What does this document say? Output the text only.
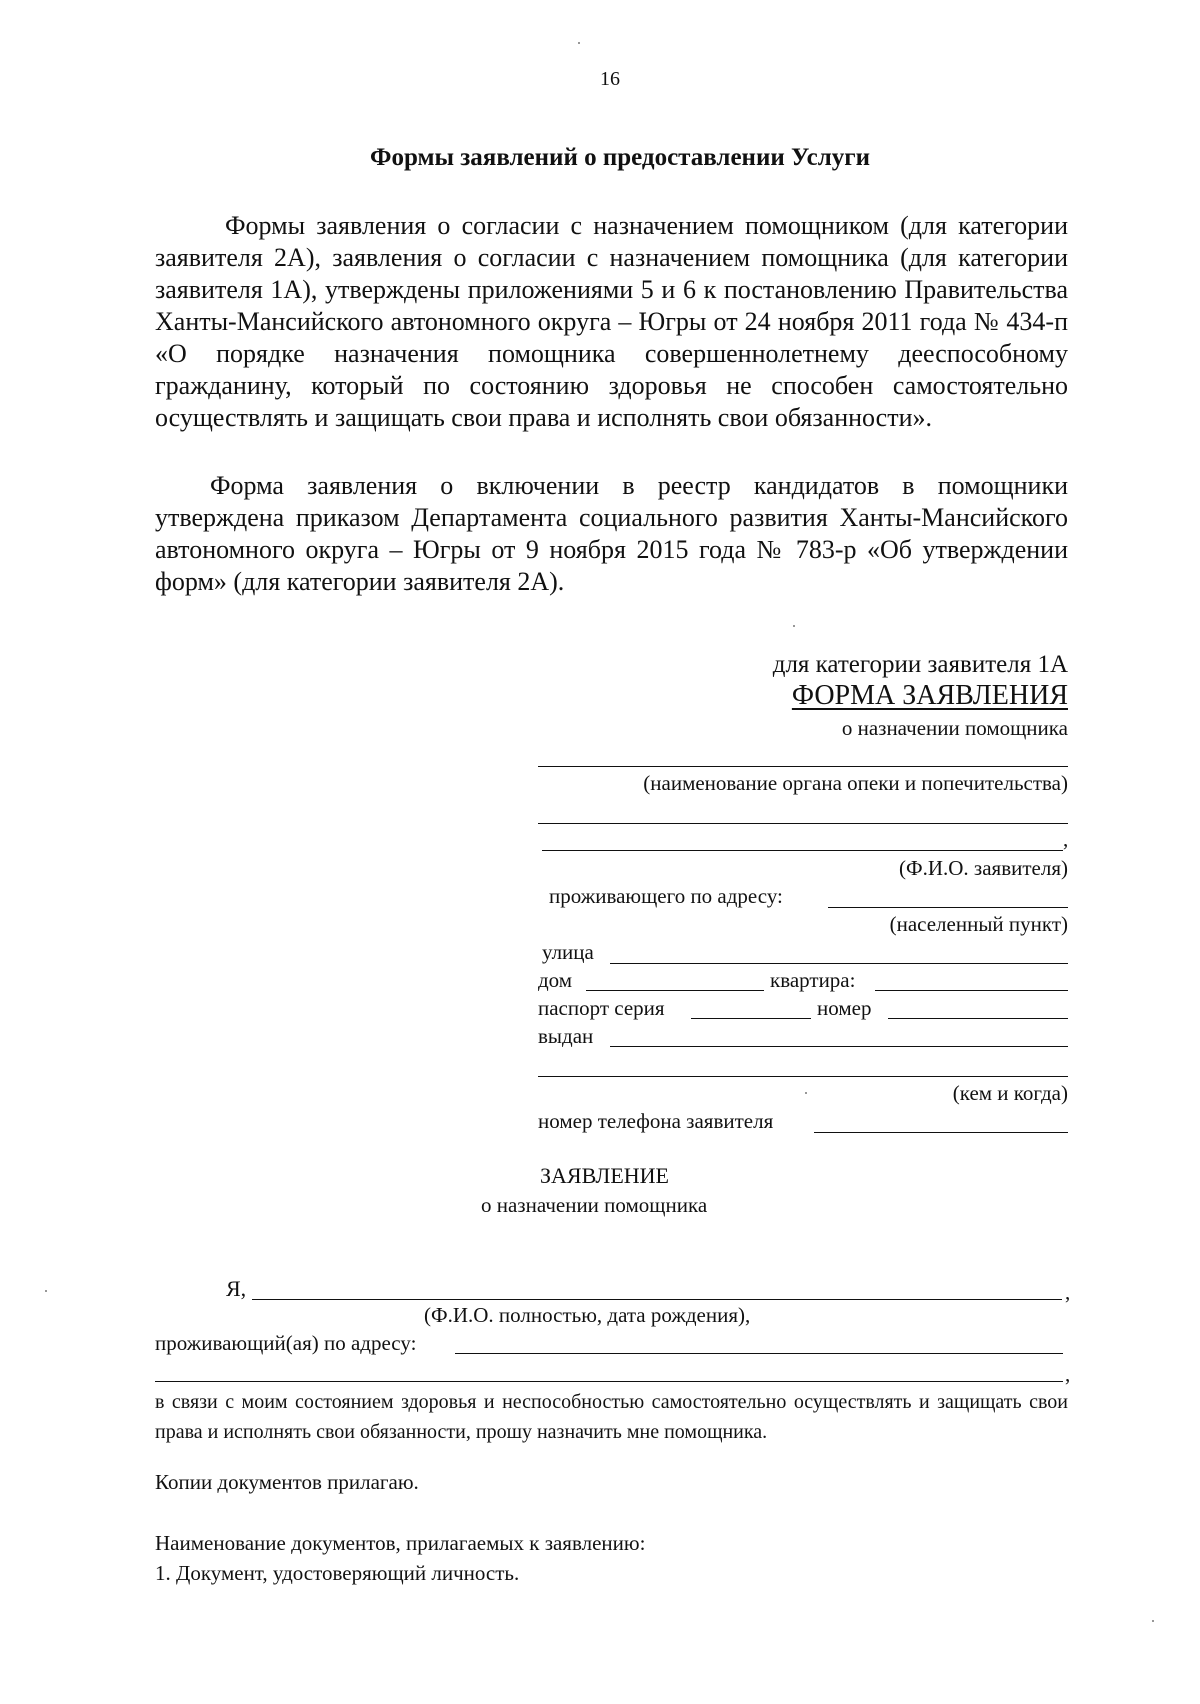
16
Формы заявлений о предоставлении Услуги
Формы заявления о согласии с назначением помощником (для категории заявителя 2А), заявления о согласии с назначением помощника (для категории заявителя 1А), утверждены приложениями 5 и 6 к постановлению Правительства Ханты-Мансийского автономного округа – Югры от 24 ноября 2011 года № 434-п «О порядке назначения помощника совершеннолетнему дееспособному гражданину, который по состоянию здоровья не способен самостоятельно осуществлять и защищать свои права и исполнять свои обязанности».
Форма заявления о включении в реестр кандидатов в помощники утверждена приказом Департамента социального развития Ханты-Мансийского автономного округа – Югры от 9 ноября 2015 года № 783-р «Об утверждении форм» (для категории заявителя 2А).
для категории заявителя 1А
ФОРМА ЗАЯВЛЕНИЯ
о назначении помощника
(наименование органа опеки и попечительства)
,
(Ф.И.О. заявителя)
проживающего по адресу:
(населенный пункт)
улица
дом	квартира:
паспорт серия	номер
выдан
(кем и когда)
номер телефона заявителя
ЗАЯВЛЕНИЕ
о назначении помощника
Я,	,
(Ф.И.О. полностью, дата рождения),
проживающий(ая) по адресу:
,
в связи с моим состоянием здоровья и неспособностью самостоятельно осуществлять и защищать свои права и исполнять свои обязанности, прошу назначить мне помощника.
Копии документов прилагаю.
Наименование документов, прилагаемых к заявлению:
1. Документ, удостоверяющий личность.
